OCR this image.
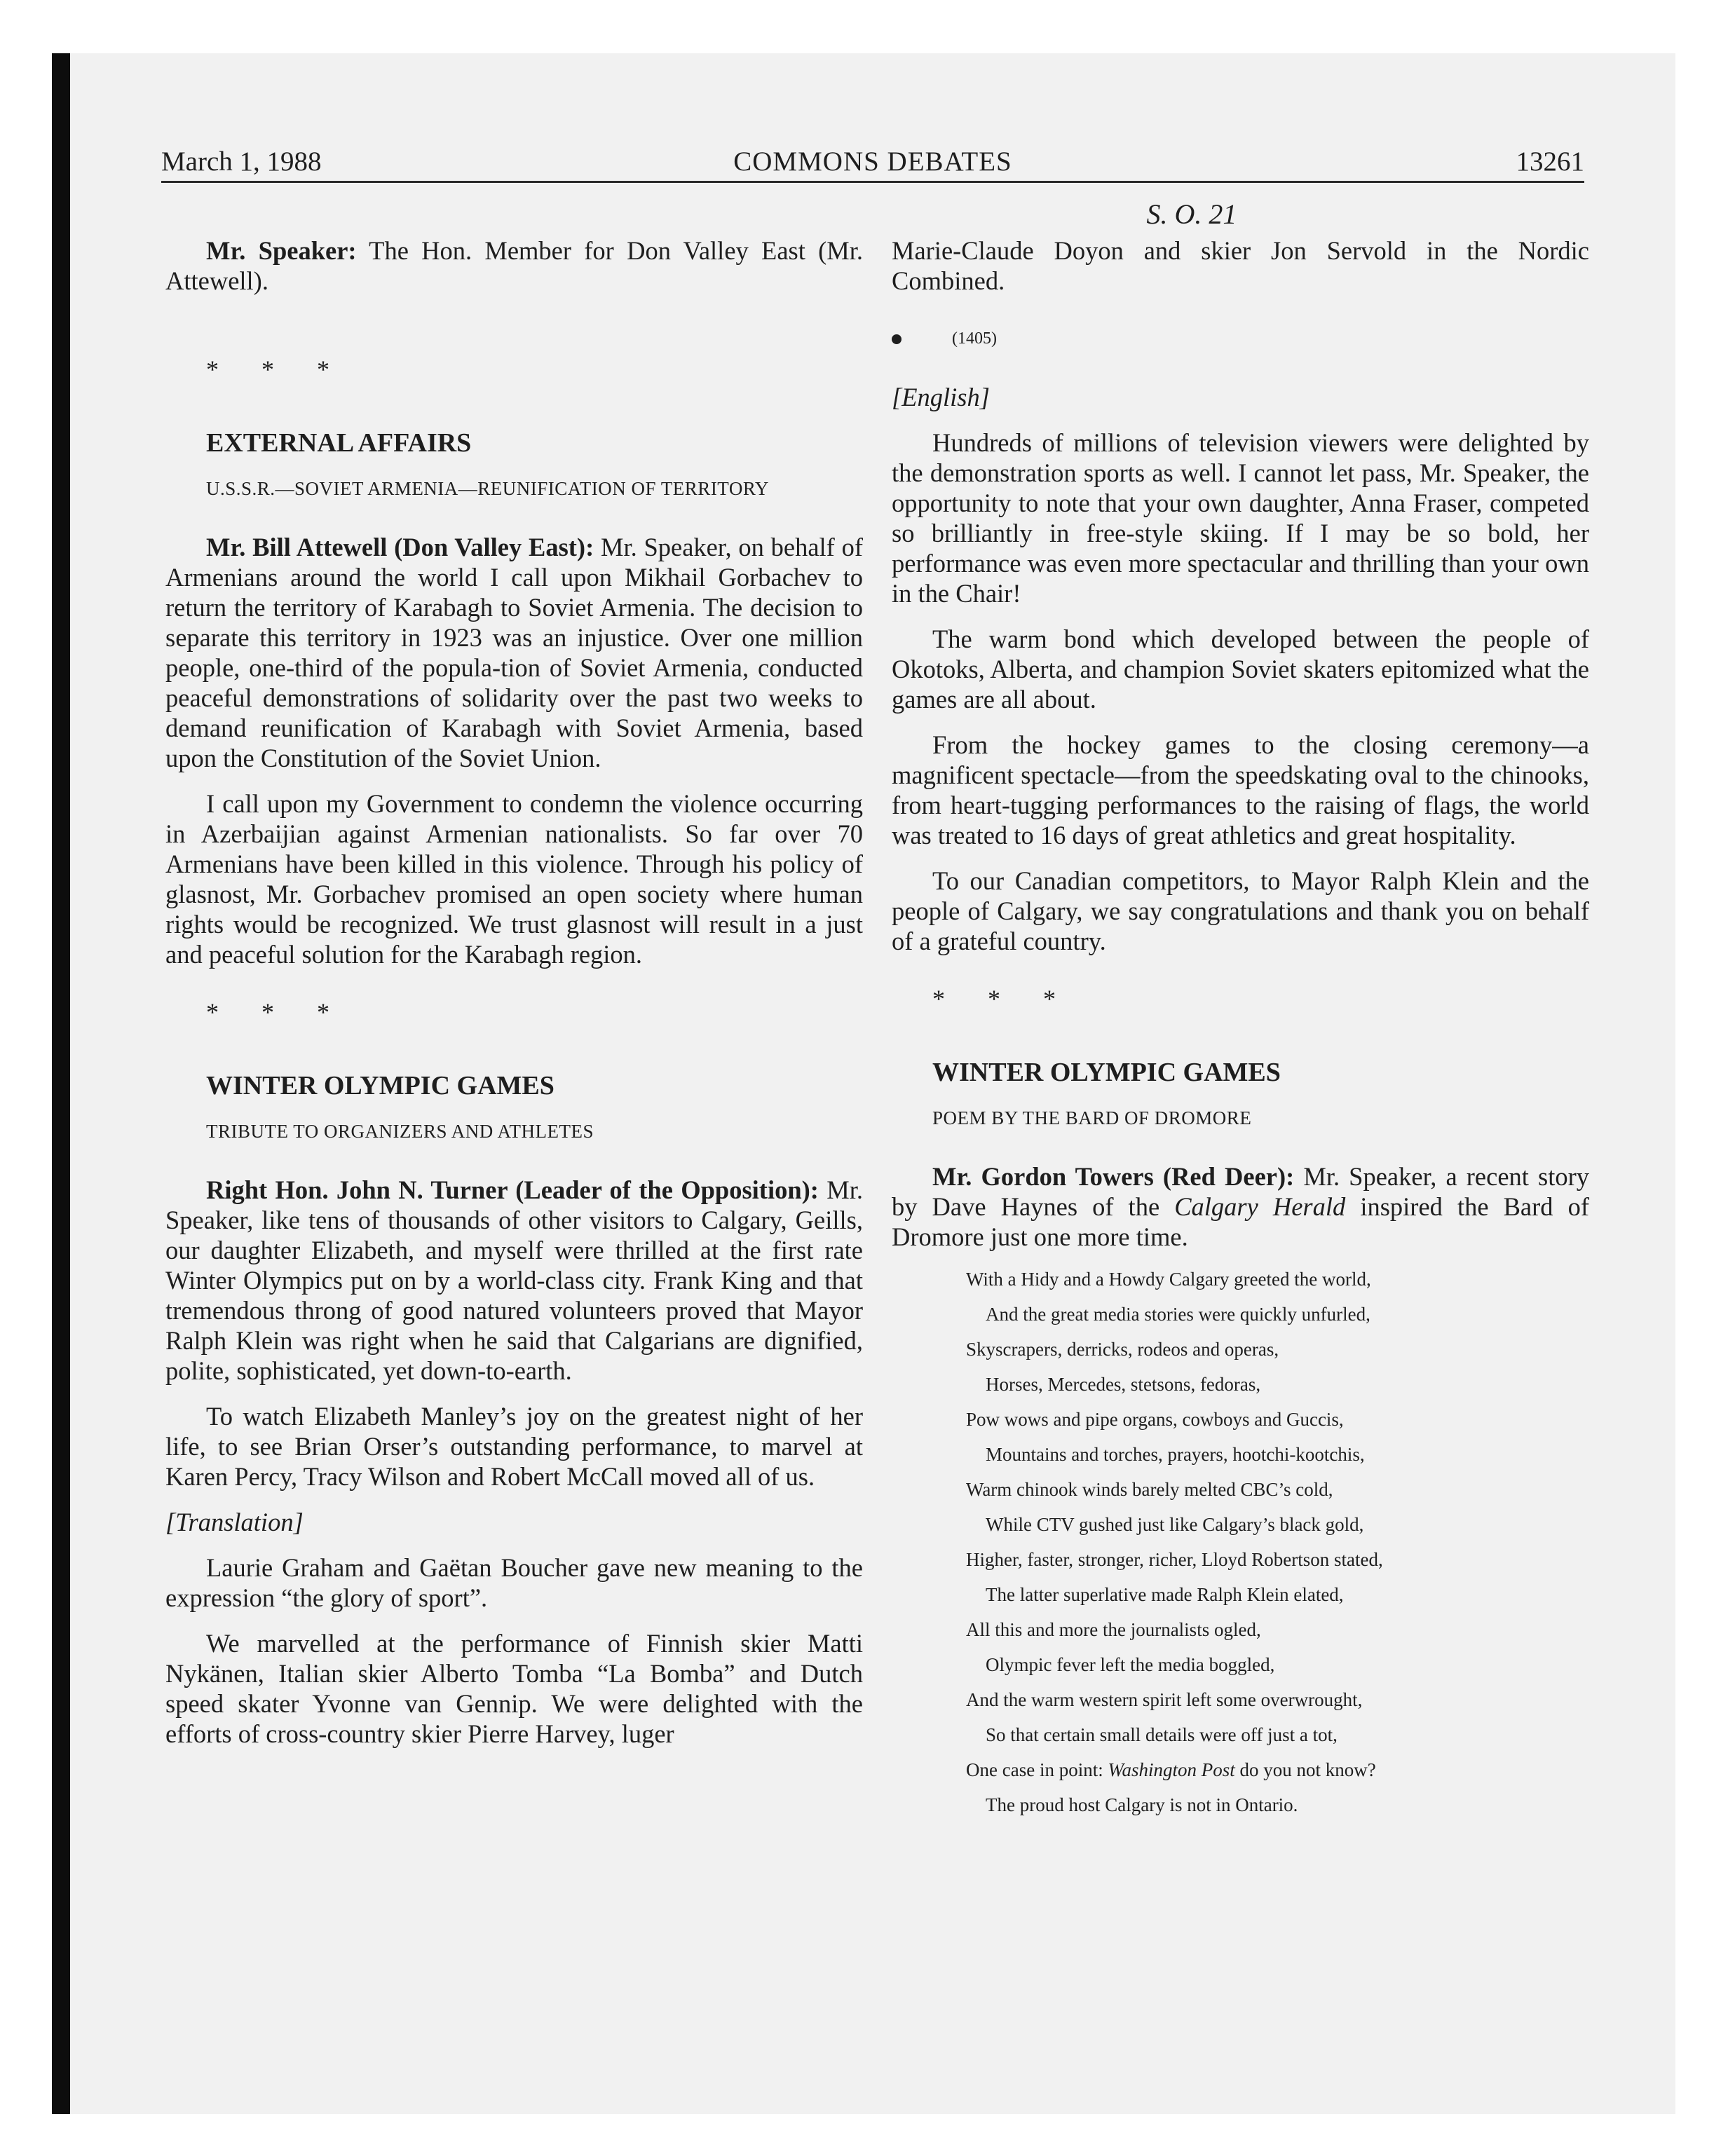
March 1, 1988	COMMONS DEBATES	13261
S. O. 21

Mr. Speaker: The Hon. Member for Don Valley East (Mr. Attewell).

* * *

EXTERNAL AFFAIRS

U.S.S.R.—SOVIET ARMENIA—REUNIFICATION OF TERRITORY

Mr. Bill Attewell (Don Valley East): Mr. Speaker, on behalf of Armenians around the world I call upon Mikhail Gorbachev to return the territory of Karabagh to Soviet Armenia. The decision to separate this territory in 1923 was an injustice. Over one million people, one-third of the popula-tion of Soviet Armenia, conducted peaceful demonstrations of solidarity over the past two weeks to demand reunification of Karabagh with Soviet Armenia, based upon the Constitution of the Soviet Union.

I call upon my Government to condemn the violence occurring in Azerbaijian against Armenian nationalists. So far over 70 Armenians have been killed in this violence. Through his policy of glasnost, Mr. Gorbachev promised an open society where human rights would be recognized. We trust glasnost will result in a just and peaceful solution for the Karabagh region.

* * *

WINTER OLYMPIC GAMES

TRIBUTE TO ORGANIZERS AND ATHLETES

Right Hon. John N. Turner (Leader of the Opposition): Mr. Speaker, like tens of thousands of other visitors to Calgary, Geills, our daughter Elizabeth, and myself were thrilled at the first rate Winter Olympics put on by a world-class city. Frank King and that tremendous throng of good natured volunteers proved that Mayor Ralph Klein was right when he said that Calgarians are dignified, polite, sophisticated, yet down-to-earth.

To watch Elizabeth Manley’s joy on the greatest night of her life, to see Brian Orser’s outstanding performance, to marvel at Karen Percy, Tracy Wilson and Robert McCall moved all of us.

[Translation]

Laurie Graham and Gaëtan Boucher gave new meaning to the expression “the glory of sport”.

We marvelled at the performance of Finnish skier Matti Nykänen, Italian skier Alberto Tomba “La Bomba” and Dutch speed skater Yvonne van Gennip. We were delighted with the efforts of cross-country skier Pierre Harvey, luger

Marie-Claude Doyon and skier Jon Servold in the Nordic Combined.

(1405)

[English]

Hundreds of millions of television viewers were delighted by the demonstration sports as well. I cannot let pass, Mr. Speaker, the opportunity to note that your own daughter, Anna Fraser, competed so brilliantly in free-style skiing. If I may be so bold, her performance was even more spectacular and thrilling than your own in the Chair!

The warm bond which developed between the people of Okotoks, Alberta, and champion Soviet skaters epitomized what the games are all about.

From the hockey games to the closing ceremony—a magnificent spectacle—from the speedskating oval to the chinooks, from heart-tugging performances to the raising of flags, the world was treated to 16 days of great athletics and great hospitality.

To our Canadian competitors, to Mayor Ralph Klein and the people of Calgary, we say congratulations and thank you on behalf of a grateful country.

* * *

WINTER OLYMPIC GAMES

POEM BY THE BARD OF DROMORE

Mr. Gordon Towers (Red Deer): Mr. Speaker, a recent story by Dave Haynes of the Calgary Herald inspired the Bard of Dromore just one more time.

With a Hidy and a Howdy Calgary greeted the world,

And the great media stories were quickly unfurled,

Skyscrapers, derricks, rodeos and operas,

Horses, Mercedes, stetsons, fedoras,

Pow wows and pipe organs, cowboys and Guccis,

Mountains and torches, prayers, hootchi-kootchis,

Warm chinook winds barely melted CBC’s cold,

While CTV gushed just like Calgary’s black gold,

Higher, faster, stronger, richer, Lloyd Robertson stated,

The latter superlative made Ralph Klein elated,

All this and more the journalists ogled,

Olympic fever left the media boggled,

And the warm western spirit left some overwrought,

So that certain small details were off just a tot,

One case in point: Washington Post do you not know?

The proud host Calgary is not in Ontario.
